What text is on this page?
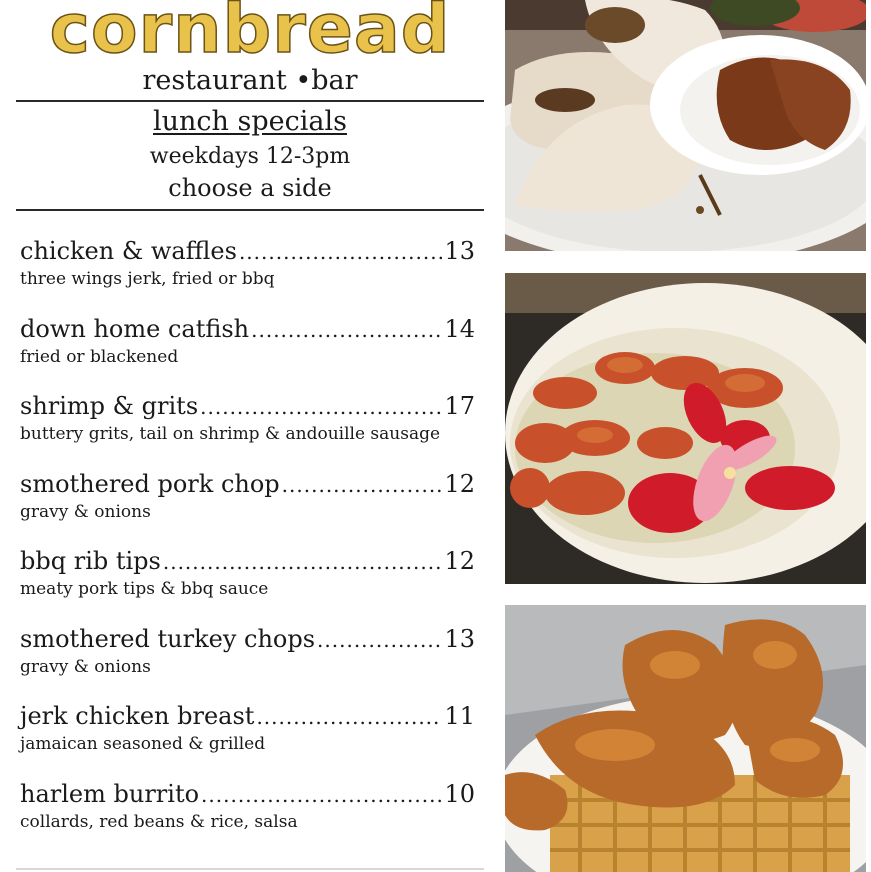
cornbread
restaurant •bar
lunch specials
weekdays 12-3pm
choose a side
chicken & waffles .....	13
three wings jerk, fried or bbq
down home catfish .....	14
fried or blackened
shrimp & grits .....	17
buttery grits, tail on shrimp & andouille sausage
smothered pork chop .....	12
gravy & onions
bbq rib tips .....	12
meaty pork tips & bbq sauce
smothered turkey chops .....	13
gravy & onions
jerk chicken breast .....	11
jamaican seasoned & grilled
harlem burrito .....	10
collards, red beans & rice, salsa
